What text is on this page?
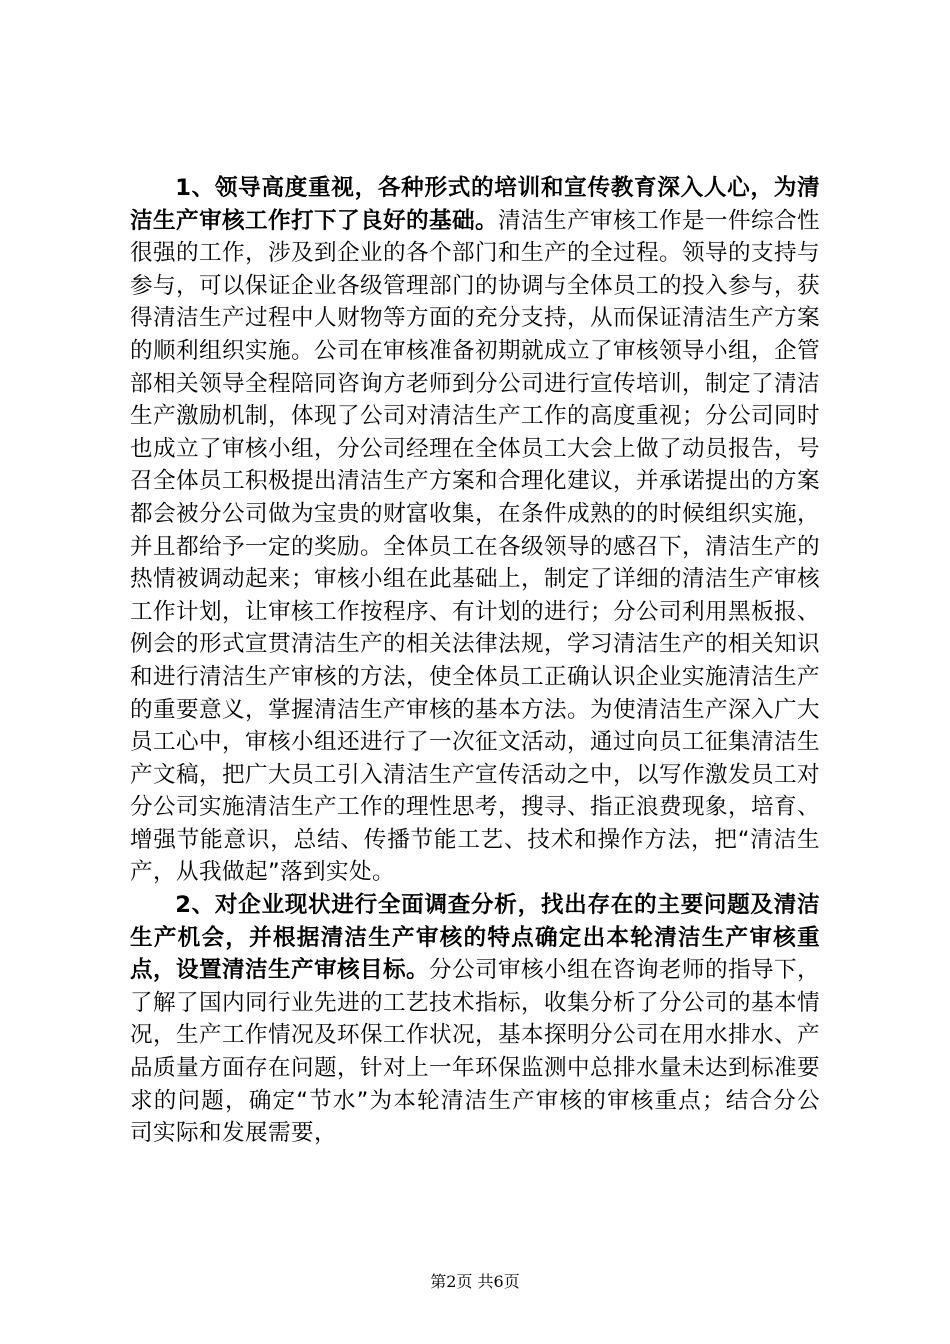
1、领导高度重视，各种形式的培训和宣传教育深入人心，为清洁生产审核工作打下了良好的基础。清洁生产审核工作是一件综合性很强的工作，涉及到企业的各个部门和生产的全过程。领导的支持与参与，可以保证企业各级管理部门的协调与全体员工的投入参与，获得清洁生产过程中人财物等方面的充分支持，从而保证清洁生产方案的顺利组织实施。公司在审核准备初期就成立了审核领导小组，企管部相关领导全程陪同咨询方老师到分公司进行宣传培训，制定了清洁生产激励机制，体现了公司对清洁生产工作的高度重视；分公司同时也成立了审核小组，分公司经理在全体员工大会上做了动员报告，号召全体员工积极提出清洁生产方案和合理化建议，并承诺提出的方案都会被分公司做为宝贵的财富收集，在条件成熟的的时候组织实施，并且都给予一定的奖励。全体员工在各级领导的感召下，清洁生产的热情被调动起来；审核小组在此基础上，制定了详细的清洁生产审核工作计划，让审核工作按程序、有计划的进行；分公司利用黑板报、例会的形式宣贯清洁生产的相关法律法规，学习清洁生产的相关知识和进行清洁生产审核的方法，使全体员工正确认识企业实施清洁生产的重要意义，掌握清洁生产审核的基本方法。为使清洁生产深入广大员工心中，审核小组还进行了一次征文活动，通过向员工征集清洁生产文稿，把广大员工引入清洁生产宣传活动之中，以写作激发员工对分公司实施清洁生产工作的理性思考，搜寻、指正浪费现象，培育、增强节能意识，总结、传播节能工艺、技术和操作方法，把“清洁生产，从我做起”落到实处。

2、对企业现状进行全面调查分析，找出存在的主要问题及清洁生产机会，并根据清洁生产审核的特点确定出本轮清洁生产审核重点，设置清洁生产审核目标。分公司审核小组在咨询老师的指导下，了解了国内同行业先进的工艺技术指标，收集分析了分公司的基本情况，生产工作情况及环保工作状况，基本探明分公司在用水排水、产品质量方面存在问题，针对上一年环保监测中总排水量未达到标准要求的问题，确定“节水”为本轮清洁生产审核的审核重点；结合分公司实际和发展需要，

第2页 共6页
